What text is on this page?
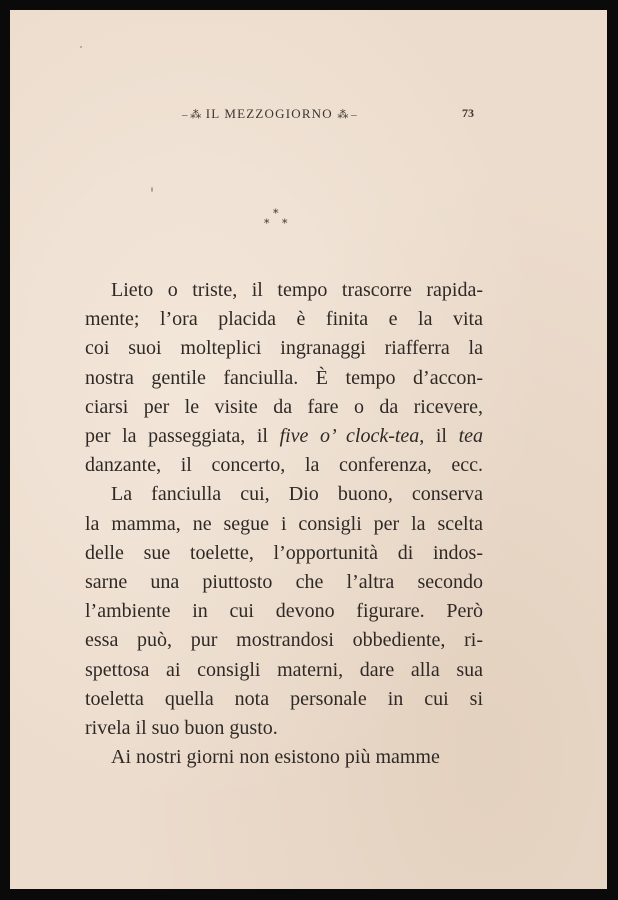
– ⁂ IL MEZZOGIORNO ⁂ –	73
*
* *
Lieto o triste, il tempo trascorre rapida-
mente; l’ora placida è finita e la vita
coi suoi molteplici ingranaggi riafferra la
nostra gentile fanciulla. È tempo d’accon-
ciarsi per le visite da fare o da ricevere,
per la passeggiata, il five o’ clock-tea, il tea
danzante, il concerto, la conferenza, ecc.
La fanciulla cui, Dio buono, conserva
la mamma, ne segue i consigli per la scelta
delle sue toelette, l’opportunità di indos-
sarne una piuttosto che l’altra secondo
l’ambiente in cui devono figurare. Però
essa può, pur mostrandosi obbediente, ri-
spettosa ai consigli materni, dare alla sua
toeletta quella nota personale in cui si
rivela il suo buon gusto.
Ai nostri giorni non esistono più mamme
